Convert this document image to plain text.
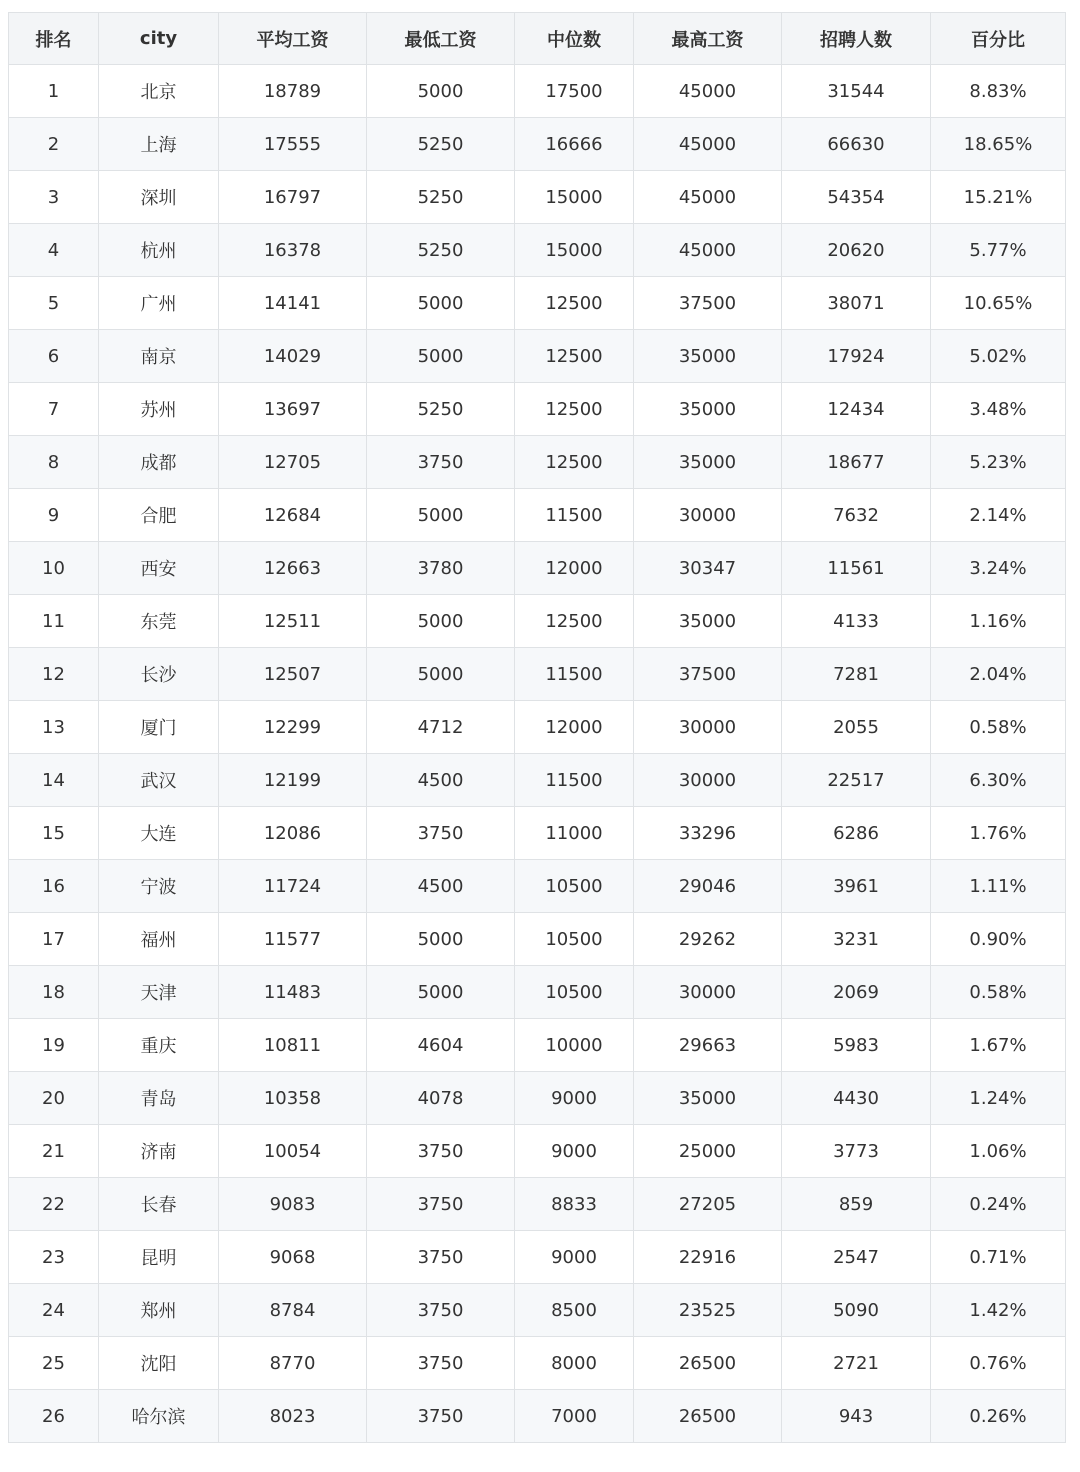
排名	city	平均工资	最低工资	中位数	最高工资	招聘人数	百分比
1	北京	18789	5000	17500	45000	31544	8.83%
2	上海	17555	5250	16666	45000	66630	18.65%
3	深圳	16797	5250	15000	45000	54354	15.21%
4	杭州	16378	5250	15000	45000	20620	5.77%
5	广州	14141	5000	12500	37500	38071	10.65%
6	南京	14029	5000	12500	35000	17924	5.02%
7	苏州	13697	5250	12500	35000	12434	3.48%
8	成都	12705	3750	12500	35000	18677	5.23%
9	合肥	12684	5000	11500	30000	7632	2.14%
10	西安	12663	3780	12000	30347	11561	3.24%
11	东莞	12511	5000	12500	35000	4133	1.16%
12	长沙	12507	5000	11500	37500	7281	2.04%
13	厦门	12299	4712	12000	30000	2055	0.58%
14	武汉	12199	4500	11500	30000	22517	6.30%
15	大连	12086	3750	11000	33296	6286	1.76%
16	宁波	11724	4500	10500	29046	3961	1.11%
17	福州	11577	5000	10500	29262	3231	0.90%
18	天津	11483	5000	10500	30000	2069	0.58%
19	重庆	10811	4604	10000	29663	5983	1.67%
20	青岛	10358	4078	9000	35000	4430	1.24%
21	济南	10054	3750	9000	25000	3773	1.06%
22	长春	9083	3750	8833	27205	859	0.24%
23	昆明	9068	3750	9000	22916	2547	0.71%
24	郑州	8784	3750	8500	23525	5090	1.42%
25	沈阳	8770	3750	8000	26500	2721	0.76%
26	哈尔滨	8023	3750	7000	26500	943	0.26%
